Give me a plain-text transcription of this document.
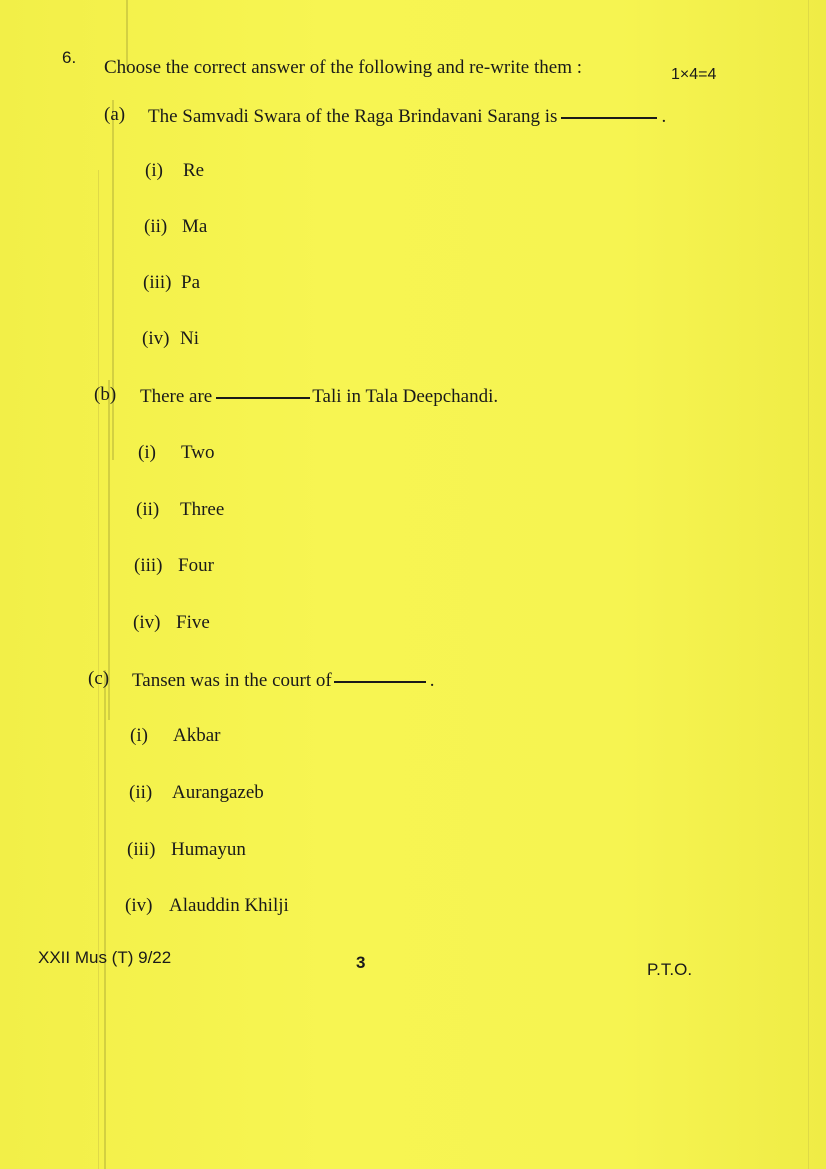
6. Choose the correct answer of the following and re-write them :	1×4=4
(a) The Samvadi Swara of the Raga Brindavani Sarang is	.
(i) Re
(ii) Ma
(iii) Pa
(iv) Ni
(b) There are	Tali in Tala Deepchandi.
(i) Two
(ii) Three
(iii) Four
(iv) Five
(c) Tansen was in the court of	.
(i) Akbar
(ii) Aurangazeb
(iii) Humayun
(iv) Alauddin Khilji
XXII Mus (T) 9/22	3	P.T.O.
